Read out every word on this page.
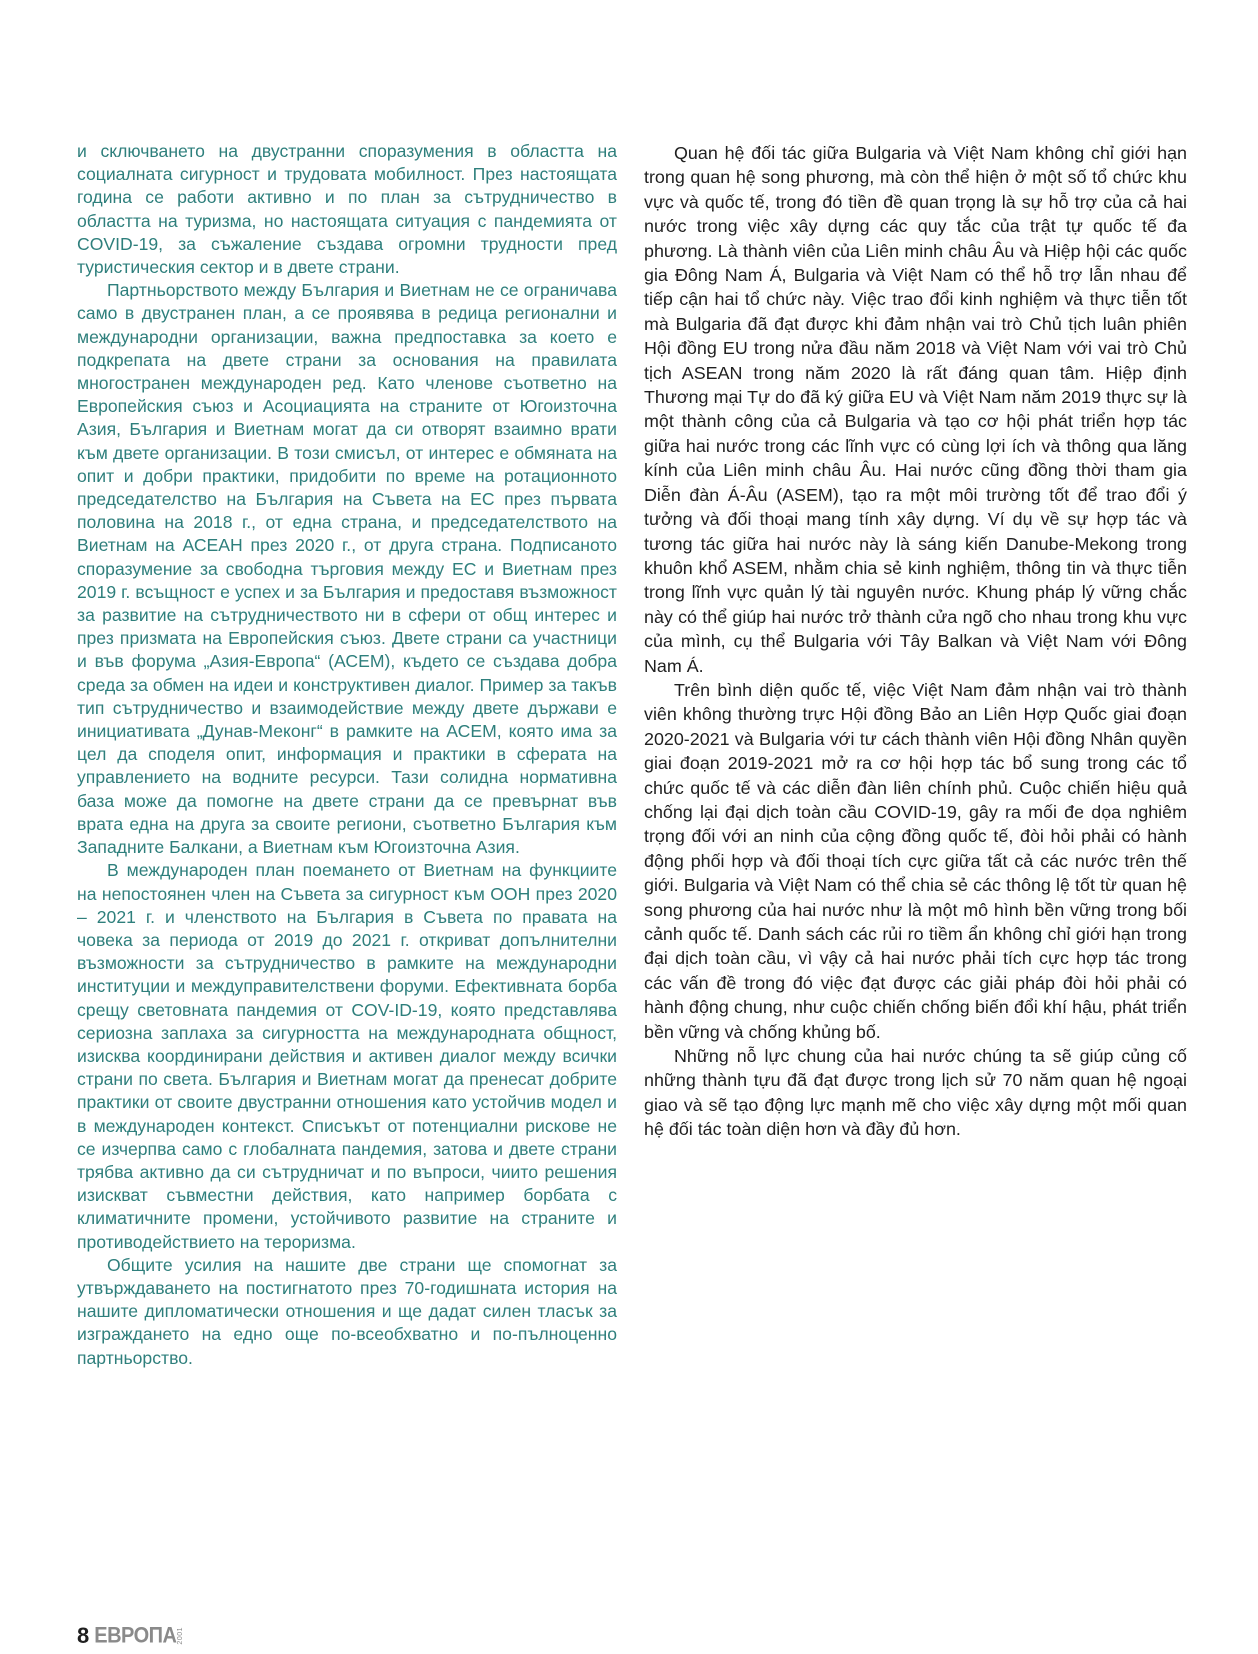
и сключването на двустранни споразумения в областта на социалната сигурност и трудовата мобилност. През настоящата година се работи активно и по план за сътрудничество в областта на туризма, но настоящата ситуация с пандемията от COVID-19, за съжаление създава огромни трудности пред туристическия сектор и в двете страни.

Партньорството между България и Виетнам не се ограничава само в двустранен план, а се проявява в редица регионални и международни организации, важна предпоставка за което е подкрепата на двете страни за основания на правилата многостранен международен ред. Като членове съответно на Европейския съюз и Асоциацията на страните от Югоизточна Азия, България и Виетнам могат да си отворят взаимно врати към двете организации. В този смисъл, от интерес е обмяната на опит и добри практики, придобити по време на ротационното председателство на България на Съвета на ЕС през първата половина на 2018 г., от една страна, и председателството на Виетнам на АСЕАН през 2020 г., от друга страна. Подписаното споразумение за свободна търговия между ЕС и Виетнам през 2019 г. всъщност е успех и за България и предоставя възможност за развитие на сътрудничеството ни в сфери от общ интерес и през призмата на Европейския съюз. Двете страни са участници и във форума „Азия-Европа“ (АСЕМ), където се създава добра среда за обмен на идеи и конструктивен диалог. Пример за такъв тип сътрудничество и взаимодействие между двете държави е инициативата „Дунав-Меконг“ в рамките на АСЕМ, която има за цел да споделя опит, информация и практики в сферата на управлението на водните ресурси. Тази солидна нормативна база може да помогне на двете страни да се превърнат във врата една на друга за своите региони, съответно България към Западните Балкани, а Виетнам към Югоизточна Азия.

В международен план поемането от Виетнам на функциите на непостоянен член на Съвета за сигурност към ООН през 2020 – 2021 г. и членството на България в Съвета по правата на човека за периода от 2019 до 2021 г. откриват допълнителни възможности за сътрудничество в рамките на международни институции и междуправителствени форуми. Ефективната борба срещу световната пандемия от COV-ID-19, която представлява сериозна заплаха за сигурността на международната общност, изисква координирани действия и активен диалог между всички страни по света. България и Виетнам могат да пренесат добрите практики от своите двустранни отношения като устойчив модел и в международен контекст. Списъкът от потенциални рискове не се изчерпва само с глобалната пандемия, затова и двете страни трябва активно да си сътрудничат и по въпроси, чиито решения изискват съвместни действия, като например борбата с климатичните промени, устойчивото развитие на страните и противодействието на тероризма.

Общите усилия на нашите две страни ще спомогнат за утвърждаването на постигнатото през 70-годишната история на нашите дипломатически отношения и ще дадат силен тласък за изграждането на едно още по-всеобхватно и по-пълноценно партньорство.

Quan hệ đối tác giữa Bulgaria và Việt Nam không chỉ giới hạn trong quan hệ song phương, mà còn thể hiện ở một số tổ chức khu vực và quốc tế, trong đó tiền đề quan trọng là sự hỗ trợ của cả hai nước trong việc xây dựng các quy tắc của trật tự quốc tế đa phương. Là thành viên của Liên minh châu Âu và Hiệp hội các quốc gia Đông Nam Á, Bulgaria và Việt Nam có thể hỗ trợ lẫn nhau để tiếp cận hai tổ chức này. Việc trao đổi kinh nghiệm và thực tiễn tốt mà Bulgaria đã đạt được khi đảm nhận vai trò Chủ tịch luân phiên Hội đồng EU trong nửa đầu năm 2018 và Việt Nam với vai trò Chủ tịch ASEAN trong năm 2020 là rất đáng quan tâm. Hiệp định Thương mại Tự do đã ký giữa EU và Việt Nam năm 2019 thực sự là một thành công của cả Bulgaria và tạo cơ hội phát triển hợp tác giữa hai nước trong các lĩnh vực có cùng lợi ích và thông qua lăng kính của Liên minh châu Âu. Hai nước cũng đồng thời tham gia Diễn đàn Á-Âu (ASEM), tạo ra một môi trường tốt để trao đổi ý tưởng và đối thoại mang tính xây dựng. Ví dụ về sự hợp tác và tương tác giữa hai nước này là sáng kiến Danube-Mekong trong khuôn khổ ASEM, nhằm chia sẻ kinh nghiệm, thông tin và thực tiễn trong lĩnh vực quản lý tài nguyên nước. Khung pháp lý vững chắc này có thể giúp hai nước trở thành cửa ngõ cho nhau trong khu vực của mình, cụ thể Bulgaria với Tây Balkan và Việt Nam với Đông Nam Á.

Trên bình diện quốc tế, việc Việt Nam đảm nhận vai trò thành viên không thường trực Hội đồng Bảo an Liên Hợp Quốc giai đoạn 2020-2021 và Bulgaria với tư cách thành viên Hội đồng Nhân quyền giai đoạn 2019-2021 mở ra cơ hội hợp tác bổ sung trong các tổ chức quốc tế và các diễn đàn liên chính phủ. Cuộc chiến hiệu quả chống lại đại dịch toàn cầu COVID-19, gây ra mối đe dọa nghiêm trọng đối với an ninh của cộng đồng quốc tế, đòi hỏi phải có hành động phối hợp và đối thoại tích cực giữa tất cả các nước trên thế giới. Bulgaria và Việt Nam có thể chia sẻ các thông lệ tốt từ quan hệ song phương của hai nước như là một mô hình bền vững trong bối cảnh quốc tế. Danh sách các rủi ro tiềm ẩn không chỉ giới hạn trong đại dịch toàn cầu, vì vậy cả hai nước phải tích cực hợp tác trong các vấn đề trong đó việc đạt được các giải pháp đòi hỏi phải có hành động chung, như cuộc chiến chống biến đổi khí hậu, phát triển bền vững và chống khủng bố.

Những nỗ lực chung của hai nước chúng ta sẽ giúp củng cố những thành tựu đã đạt được trong lịch sử 70 năm quan hệ ngoại giao và sẽ tạo động lực mạnh mẽ cho việc xây dựng một mối quan hệ đối tác toàn diện hơn và đầy đủ hơn.

8 ЕВРОПА 2001
